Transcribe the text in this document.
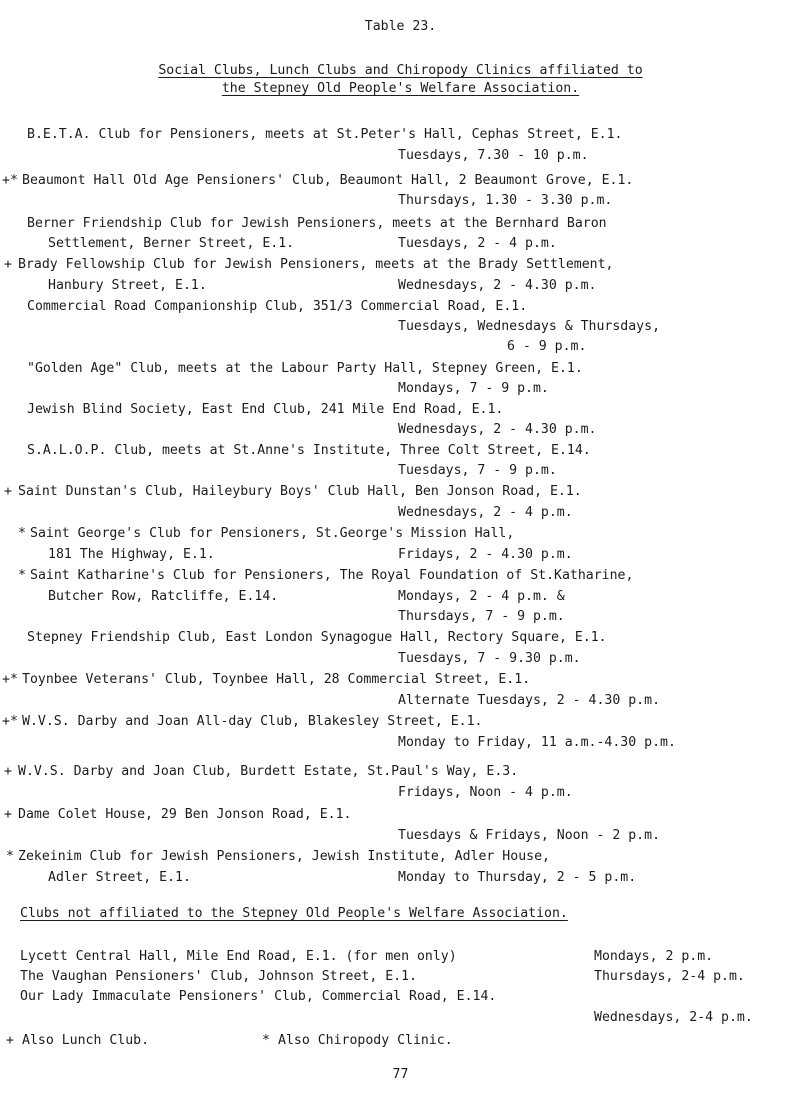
Table 23.
Social Clubs, Lunch Clubs and Chiropody Clinics affiliated to
the Stepney Old People's Welfare Association.
B.E.T.A. Club for Pensioners, meets at St.Peter's Hall, Cephas Street, E.1.
Tuesdays, 7.30 - 10 p.m.
+* Beaumont Hall Old Age Pensioners' Club, Beaumont Hall, 2 Beaumont Grove, E.1.
Thursdays, 1.30 - 3.30 p.m.
Berner Friendship Club for Jewish Pensioners, meets at the Bernhard Baron
Settlement, Berner Street, E.1.	Tuesdays, 2 - 4 p.m.
+ Brady Fellowship Club for Jewish Pensioners, meets at the Brady Settlement,
Hanbury Street, E.1.	Wednesdays, 2 - 4.30 p.m.
Commercial Road Companionship Club, 351/3 Commercial Road, E.1.
Tuesdays, Wednesdays & Thursdays,
6 - 9 p.m.
"Golden Age" Club, meets at the Labour Party Hall, Stepney Green, E.1.
Mondays, 7 - 9 p.m.
Jewish Blind Society, East End Club, 241 Mile End Road, E.1.
Wednesdays, 2 - 4.30 p.m.
S.A.L.O.P. Club, meets at St.Anne's Institute, Three Colt Street, E.14.
Tuesdays, 7 - 9 p.m.
+ Saint Dunstan's Club, Haileybury Boys' Club Hall, Ben Jonson Road, E.1.
Wednesdays, 2 - 4 p.m.
* Saint George's Club for Pensioners, St.George's Mission Hall,
181 The Highway, E.1.	Fridays, 2 - 4.30 p.m.
* Saint Katharine's Club for Pensioners, The Royal Foundation of St.Katharine,
Butcher Row, Ratcliffe, E.14.	Mondays, 2 - 4 p.m. &
Thursdays, 7 - 9 p.m.
Stepney Friendship Club, East London Synagogue Hall, Rectory Square, E.1.
Tuesdays, 7 - 9.30 p.m.
+* Toynbee Veterans' Club, Toynbee Hall, 28 Commercial Street, E.1.
Alternate Tuesdays, 2 - 4.30 p.m.
+* W.V.S. Darby and Joan All-day Club, Blakesley Street, E.1.
Monday to Friday, 11 a.m.-4.30 p.m.
+ W.V.S. Darby and Joan Club, Burdett Estate, St.Paul's Way, E.3.
Fridays, Noon - 4 p.m.
+ Dame Colet House, 29 Ben Jonson Road, E.1.
Tuesdays & Fridays, Noon - 2 p.m.
* Zekeinim Club for Jewish Pensioners, Jewish Institute, Adler House,
Adler Street, E.1.	Monday to Thursday, 2 - 5 p.m.
Clubs not affiliated to the Stepney Old People's Welfare Association.
Lycett Central Hall, Mile End Road, E.1. (for men only)	Mondays, 2 p.m.
The Vaughan Pensioners' Club, Johnson Street, E.1.	Thursdays, 2-4 p.m.
Our Lady Immaculate Pensioners' Club, Commercial Road, E.14.
Wednesdays, 2-4 p.m.
+ Also Lunch Club.	* Also Chiropody Clinic.
77
